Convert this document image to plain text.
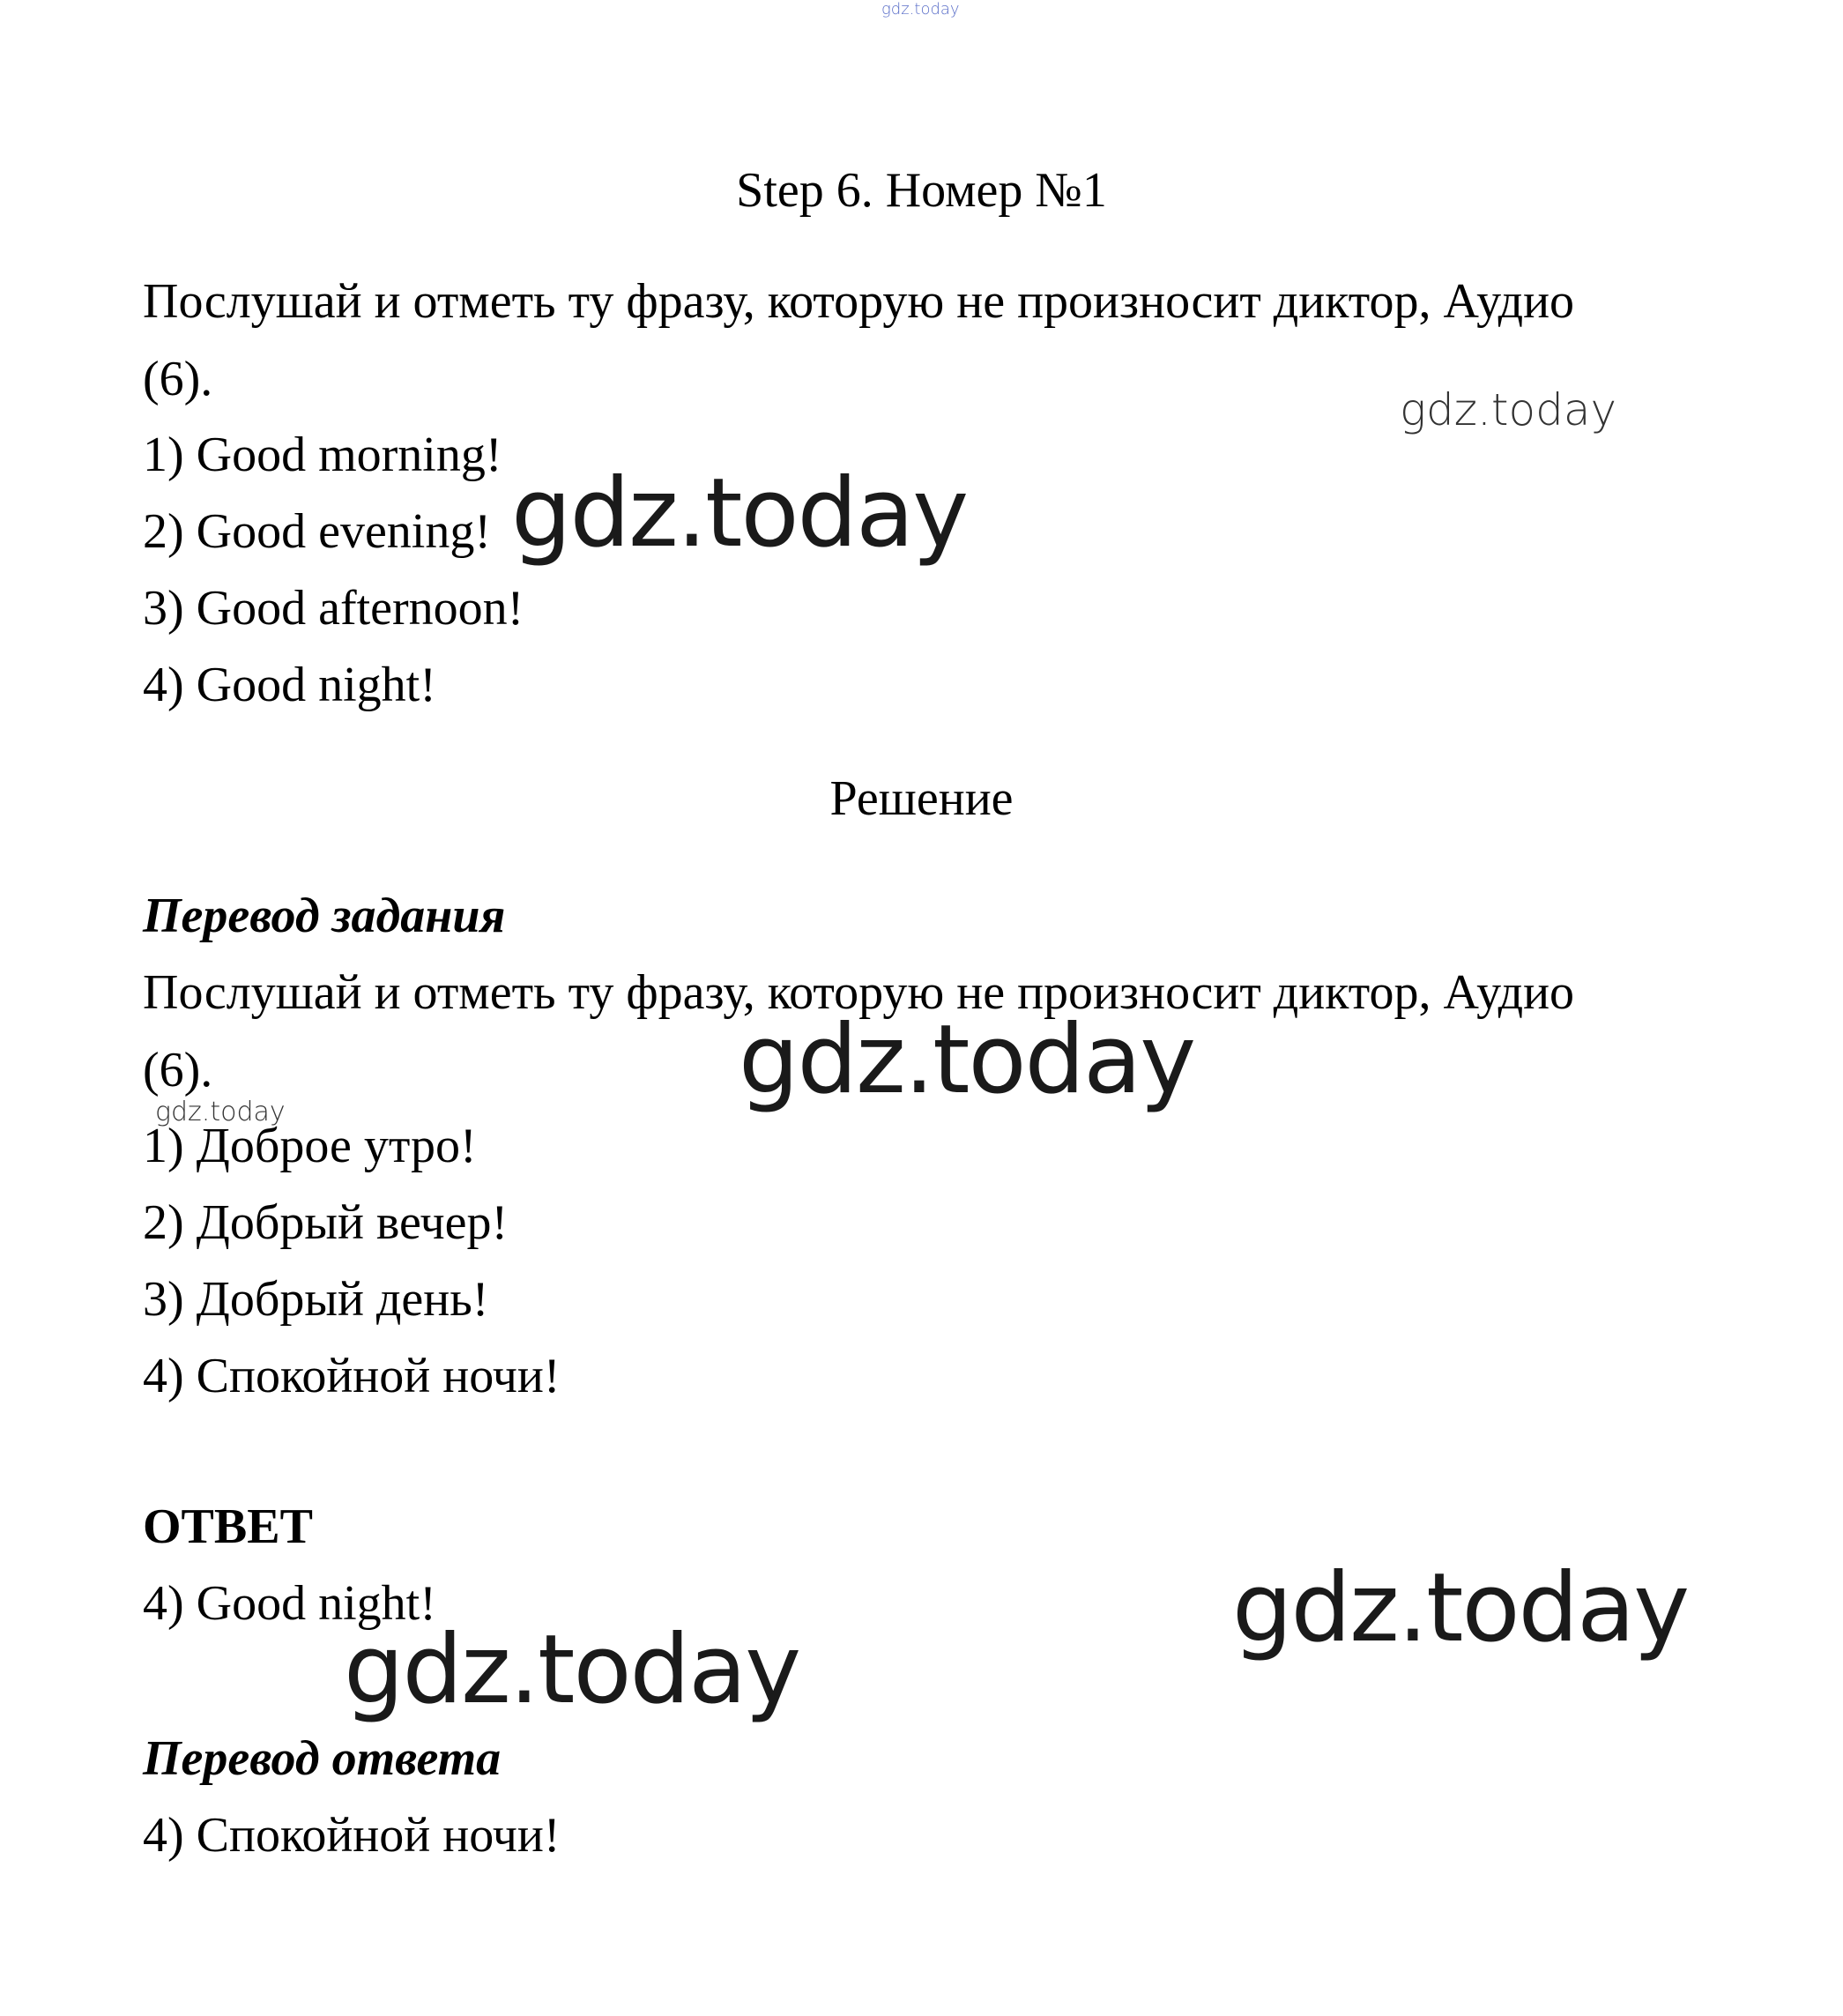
gdz.today
gdz.today
gdz.today
gdz.today
gdz.today
gdz.today
gdz.today
Step 6. Номер №1
Послушай и отметь ту фразу, которую не произносит диктор, Аудио
(6).
1) Good morning!
2) Good evening!
3) Good afternoon!
4) Good night!
Решение
Перевод задания
Послушай и отметь ту фразу, которую не произносит диктор, Аудио
(6).
1) Доброе утро!
2) Добрый вечер!
3) Добрый день!
4) Спокойной ночи!
ОТВЕТ
4) Good night!
Перевод ответа
4) Спокойной ночи!
